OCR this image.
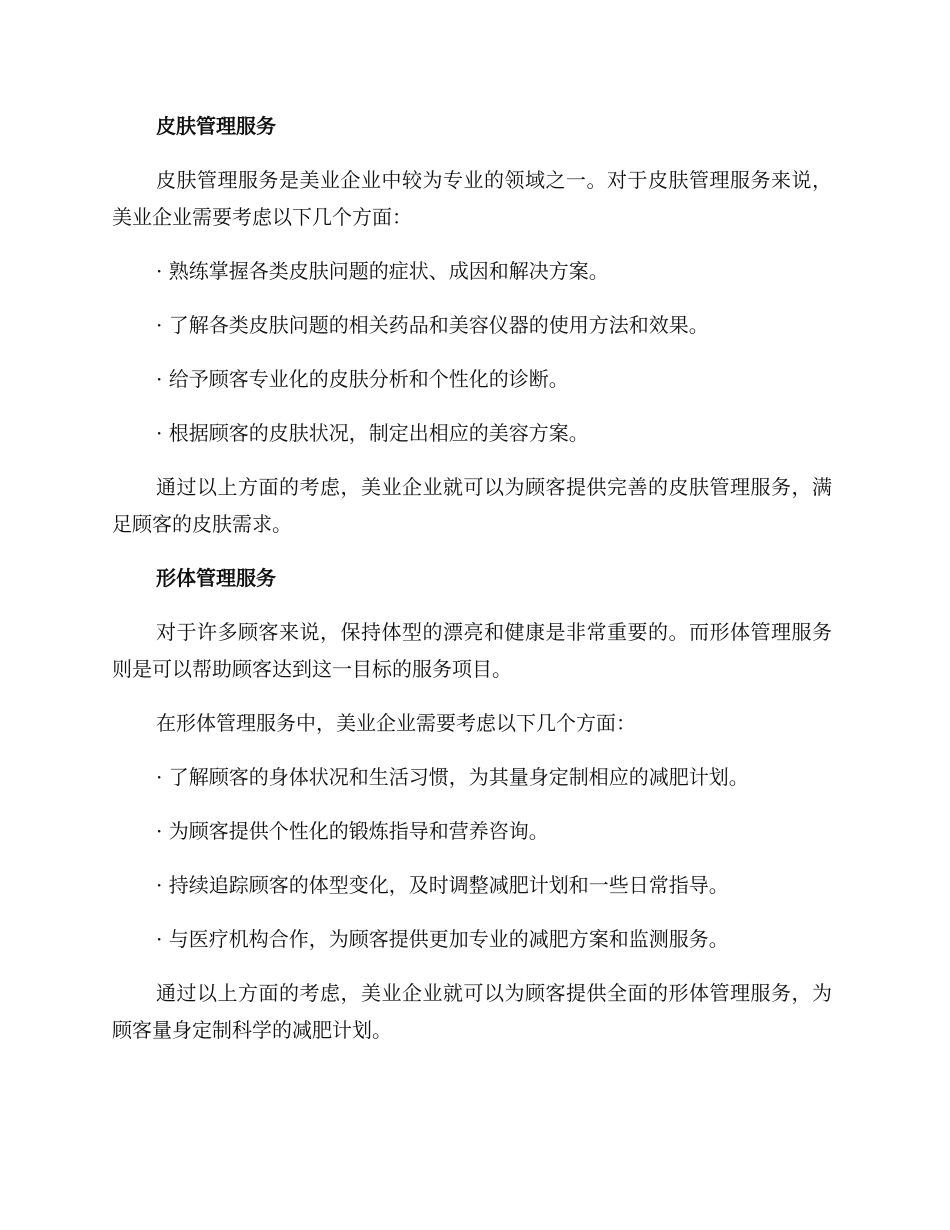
皮肤管理服务

皮肤管理服务是美业企业中较为专业的领域之一。对于皮肤管理服务来说，美业企业需要考虑以下几个方面：

· 熟练掌握各类皮肤问题的症状、成因和解决方案。

· 了解各类皮肤问题的相关药品和美容仪器的使用方法和效果。

· 给予顾客专业化的皮肤分析和个性化的诊断。

· 根据顾客的皮肤状况，制定出相应的美容方案。

通过以上方面的考虑，美业企业就可以为顾客提供完善的皮肤管理服务，满足顾客的皮肤需求。

形体管理服务

对于许多顾客来说，保持体型的漂亮和健康是非常重要的。而形体管理服务则是可以帮助顾客达到这一目标的服务项目。

在形体管理服务中，美业企业需要考虑以下几个方面：

· 了解顾客的身体状况和生活习惯，为其量身定制相应的减肥计划。

· 为顾客提供个性化的锻炼指导和营养咨询。

· 持续追踪顾客的体型变化，及时调整减肥计划和一些日常指导。

· 与医疗机构合作，为顾客提供更加专业的减肥方案和监测服务。

通过以上方面的考虑，美业企业就可以为顾客提供全面的形体管理服务，为顾客量身定制科学的减肥计划。
